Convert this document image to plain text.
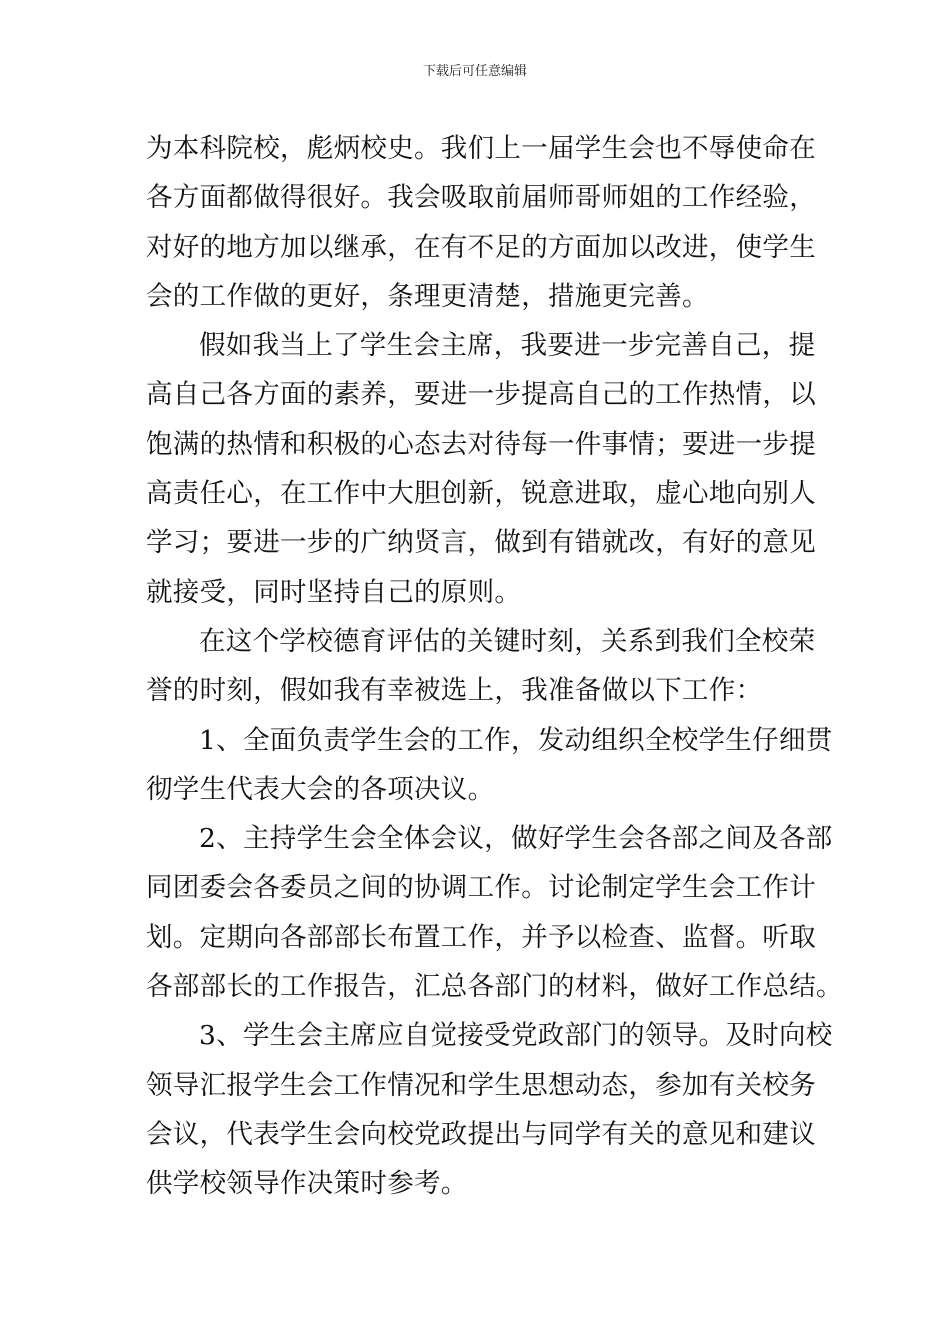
下载后可任意编辑
为本科院校，彪炳校史。我们上一届学生会也不辱使命在
各方面都做得很好。我会吸取前届师哥师姐的工作经验，
对好的地方加以继承，在有不足的方面加以改进，使学生
会的工作做的更好，条理更清楚，措施更完善。
假如我当上了学生会主席，我要进一步完善自己，提
高自己各方面的素养，要进一步提高自己的工作热情，以
饱满的热情和积极的心态去对待每一件事情；要进一步提
高责任心，在工作中大胆创新，锐意进取，虚心地向别人
学习；要进一步的广纳贤言，做到有错就改，有好的意见
就接受，同时坚持自己的原则。
在这个学校德育评估的关键时刻，关系到我们全校荣
誉的时刻，假如我有幸被选上，我准备做以下工作：
1、全面负责学生会的工作，发动组织全校学生仔细贯
彻学生代表大会的各项决议。
2、主持学生会全体会议，做好学生会各部之间及各部
同团委会各委员之间的协调工作。讨论制定学生会工作计
划。定期向各部部长布置工作，并予以检查、监督。听取
各部部长的工作报告，汇总各部门的材料，做好工作总结。
3、学生会主席应自觉接受党政部门的领导。及时向校
领导汇报学生会工作情况和学生思想动态，参加有关校务
会议，代表学生会向校党政提出与同学有关的意见和建议
供学校领导作决策时参考。
